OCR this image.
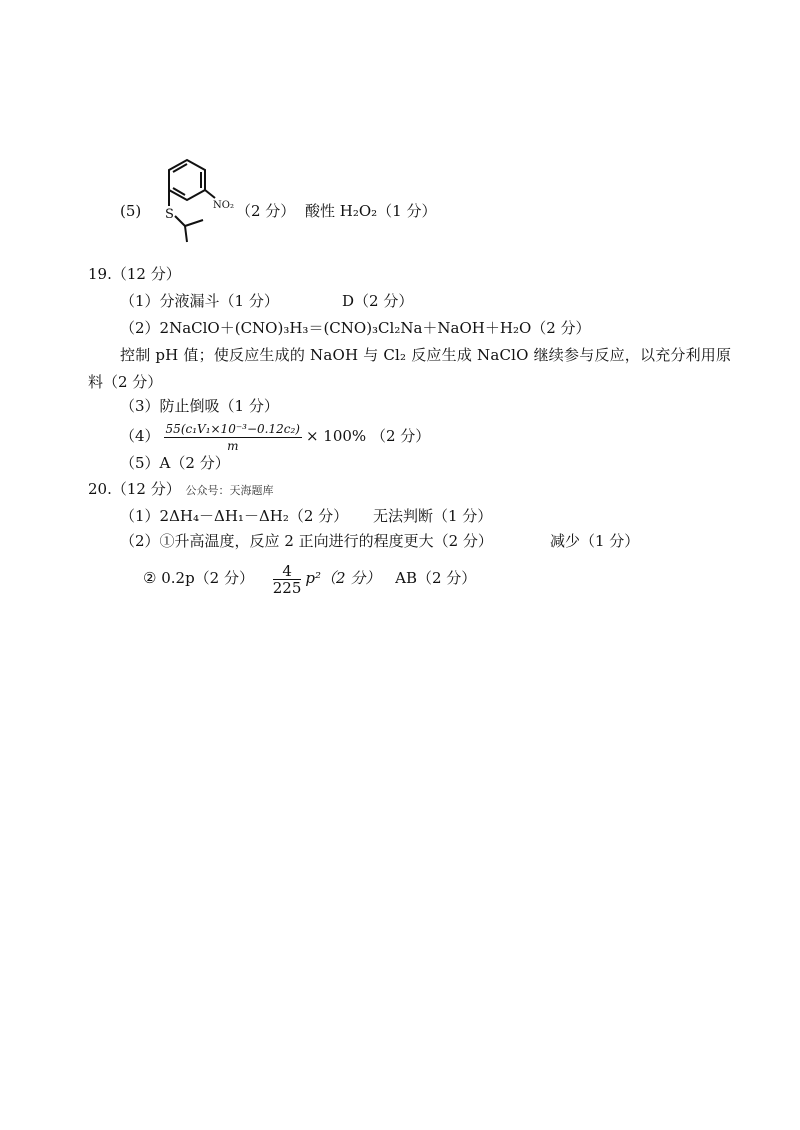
(5) S
NO₂ （2 分） 酸性 H₂O₂（1 分）
19.（12 分）
（1）分液漏斗（1 分）	D（2 分）
（2）2NaClO＋(CNO)₃H₃＝(CNO)₃Cl₂Na＋NaOH＋H₂O（2 分）
控制 pH 值；使反应生成的 NaOH 与 Cl₂ 反应生成 NaClO 继续参与反应，以充分利用原
料（2 分）
（3）防止倒吸（1 分）
$(4) \frac{\text{55(c₁V₁×10⁻³−0.12c₂)}}{m} \times 100\%$ （2 分）
（5）A（2 分）
20.（12 分） 公众号：天海题库
（1）2ΔH₄－ΔH₁－ΔH₂（2 分） 无法判断（1 分）
（2）①升高温度，反应 2 正向进行的程度更大（2 分）	减少（1 分）
② 0.2p（2 分） $\frac{4}{225} p^2(2$ 分） AB（2 分）
